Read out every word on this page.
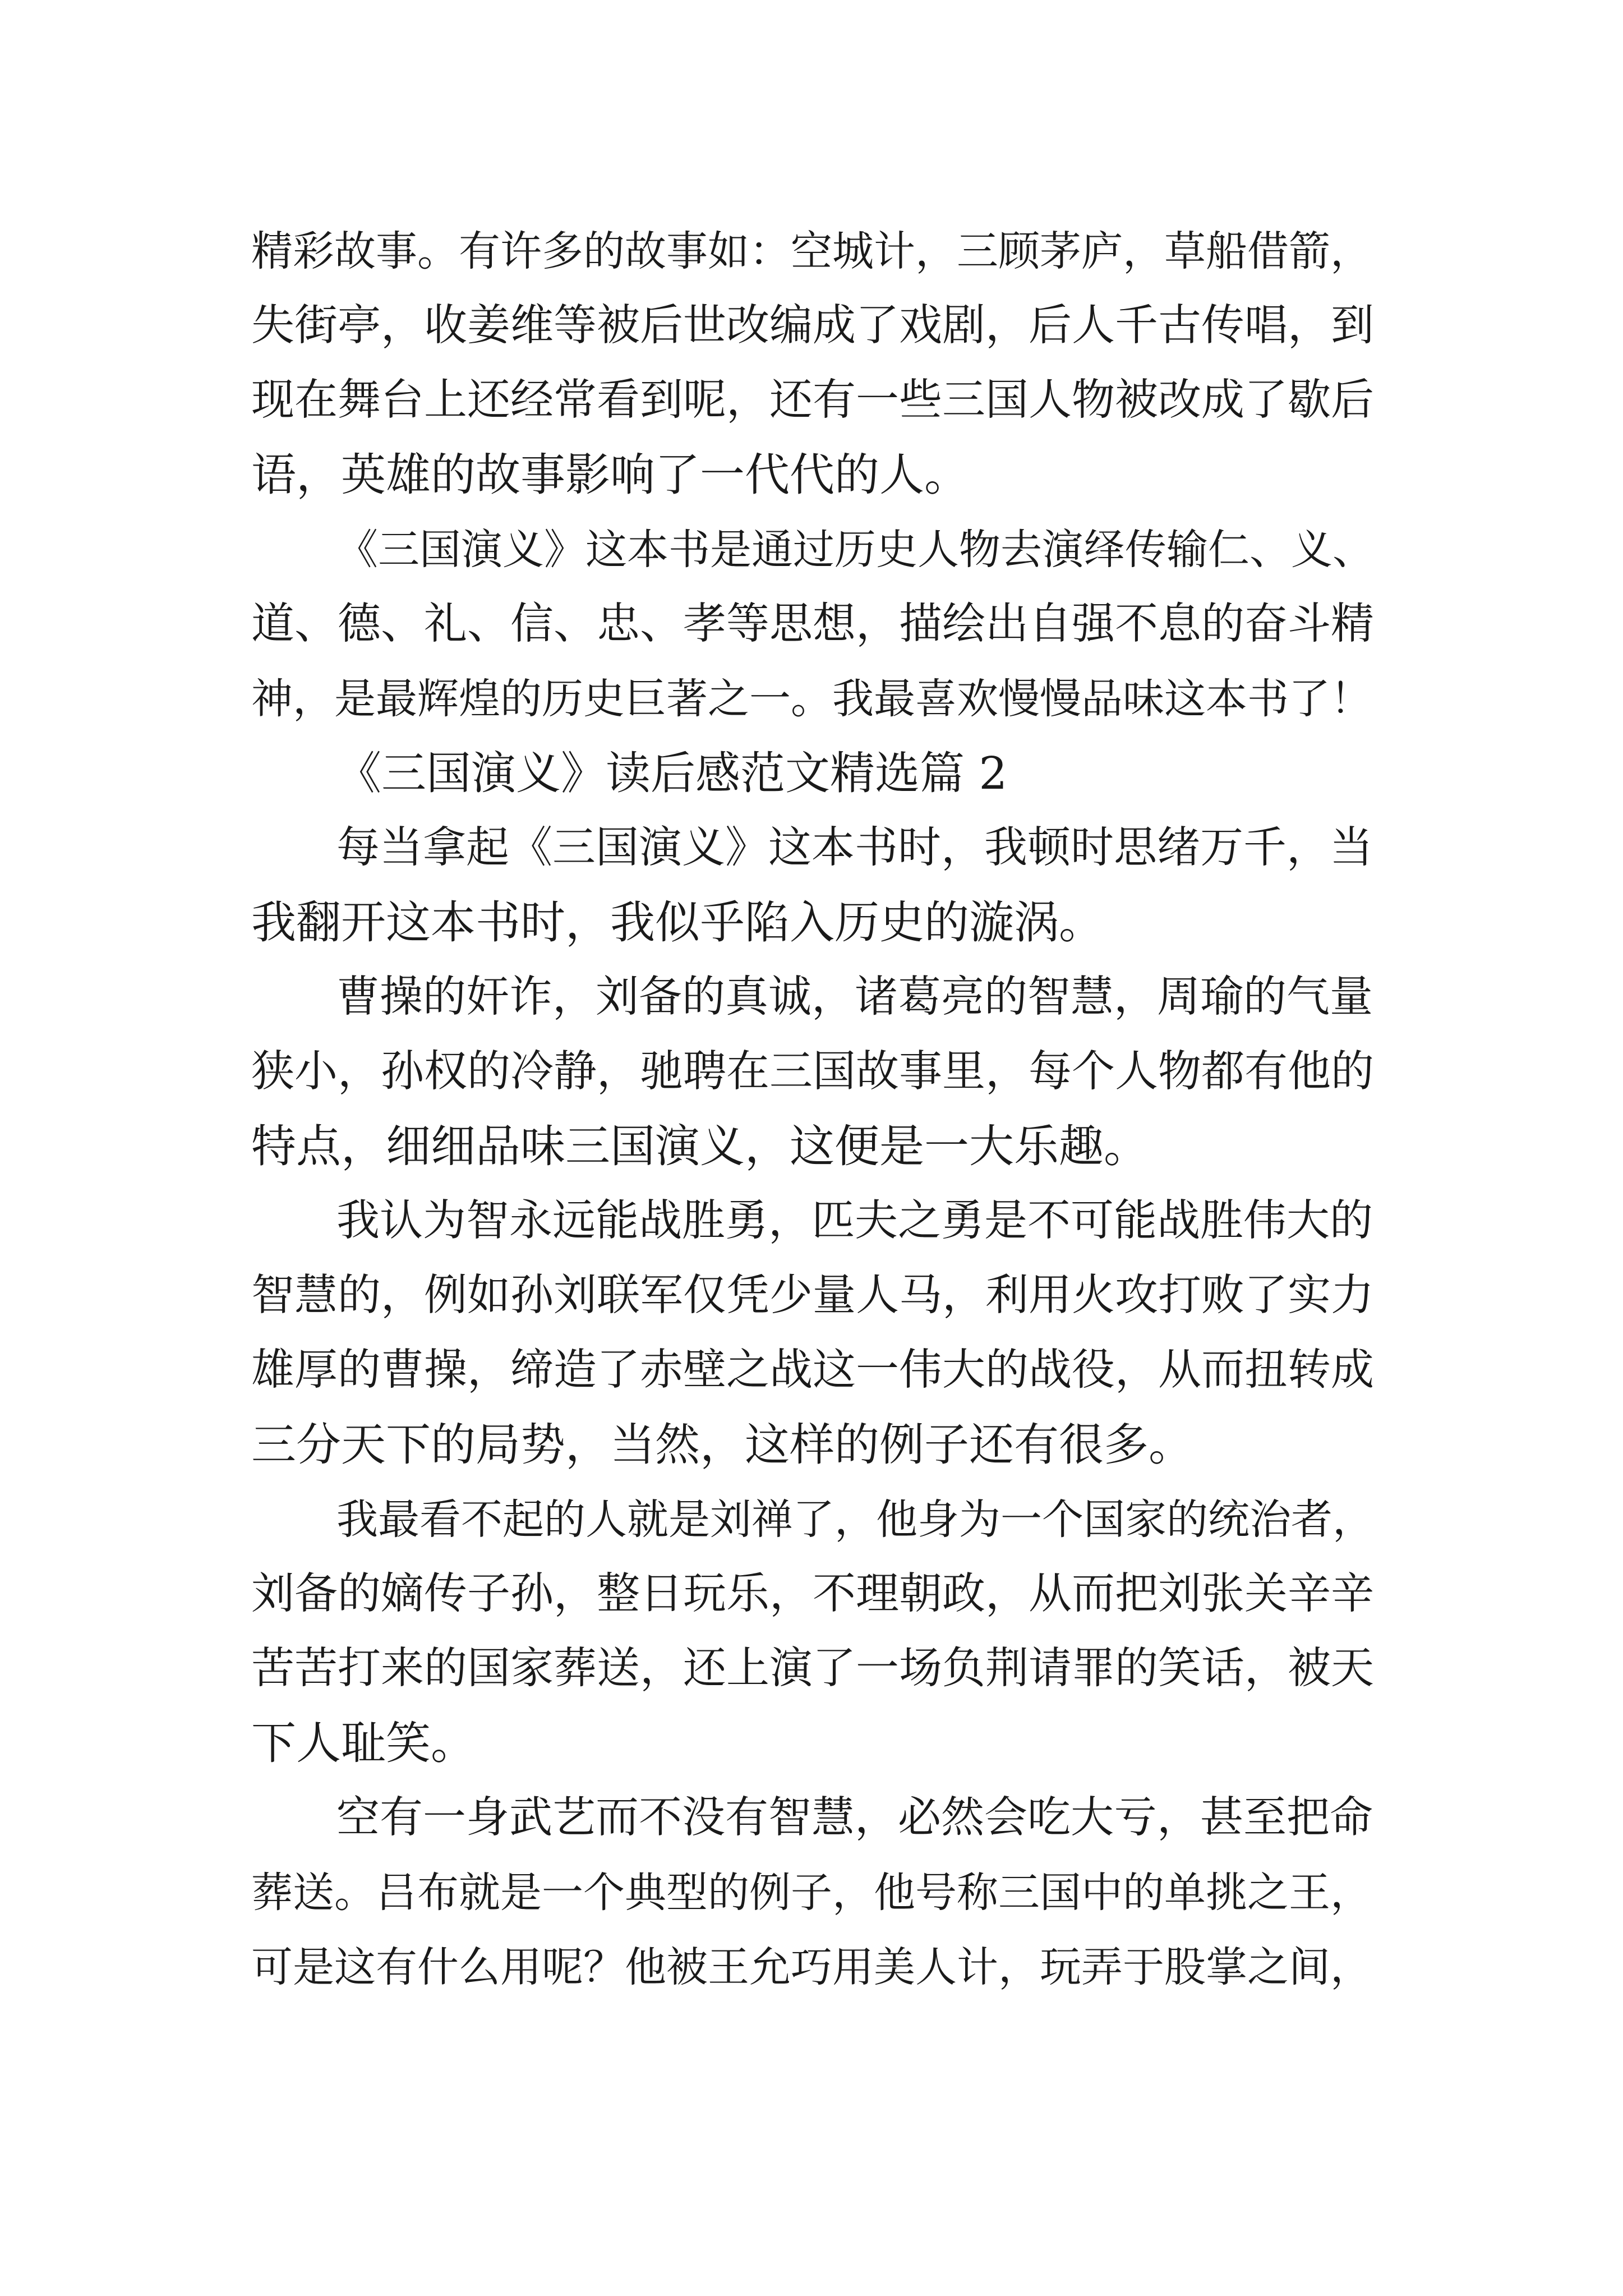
精彩故事。有许多的故事如：空城计，三顾茅庐，草船借箭，
失街亭，收姜维等被后世改编成了戏剧，后人千古传唱，到
现在舞台上还经常看到呢，还有一些三国人物被改成了歇后
语，英雄的故事影响了一代代的人。
《三国演义》这本书是通过历史人物去演绎传输仁、义、
道、德、礼、信、忠、孝等思想，描绘出自强不息的奋斗精
神，是最辉煌的历史巨著之一。我最喜欢慢慢品味这本书了！
《三国演义》读后感范文精选篇 2
每当拿起《三国演义》这本书时，我顿时思绪万千，当
我翻开这本书时，我似乎陷入历史的漩涡。
曹操的奸诈，刘备的真诚，诸葛亮的智慧，周瑜的气量
狭小，孙权的冷静，驰聘在三国故事里，每个人物都有他的
特点，细细品味三国演义，这便是一大乐趣。
我认为智永远能战胜勇，匹夫之勇是不可能战胜伟大的
智慧的，例如孙刘联军仅凭少量人马，利用火攻打败了实力
雄厚的曹操，缔造了赤壁之战这一伟大的战役，从而扭转成
三分天下的局势，当然，这样的例子还有很多。
我最看不起的人就是刘禅了，他身为一个国家的统治者，
刘备的嫡传子孙，整日玩乐，不理朝政，从而把刘张关辛辛
苦苦打来的国家葬送，还上演了一场负荆请罪的笑话，被天
下人耻笑。
空有一身武艺而不没有智慧，必然会吃大亏，甚至把命
葬送。吕布就是一个典型的例子，他号称三国中的单挑之王，
可是这有什么用呢？他被王允巧用美人计，玩弄于股掌之间，
